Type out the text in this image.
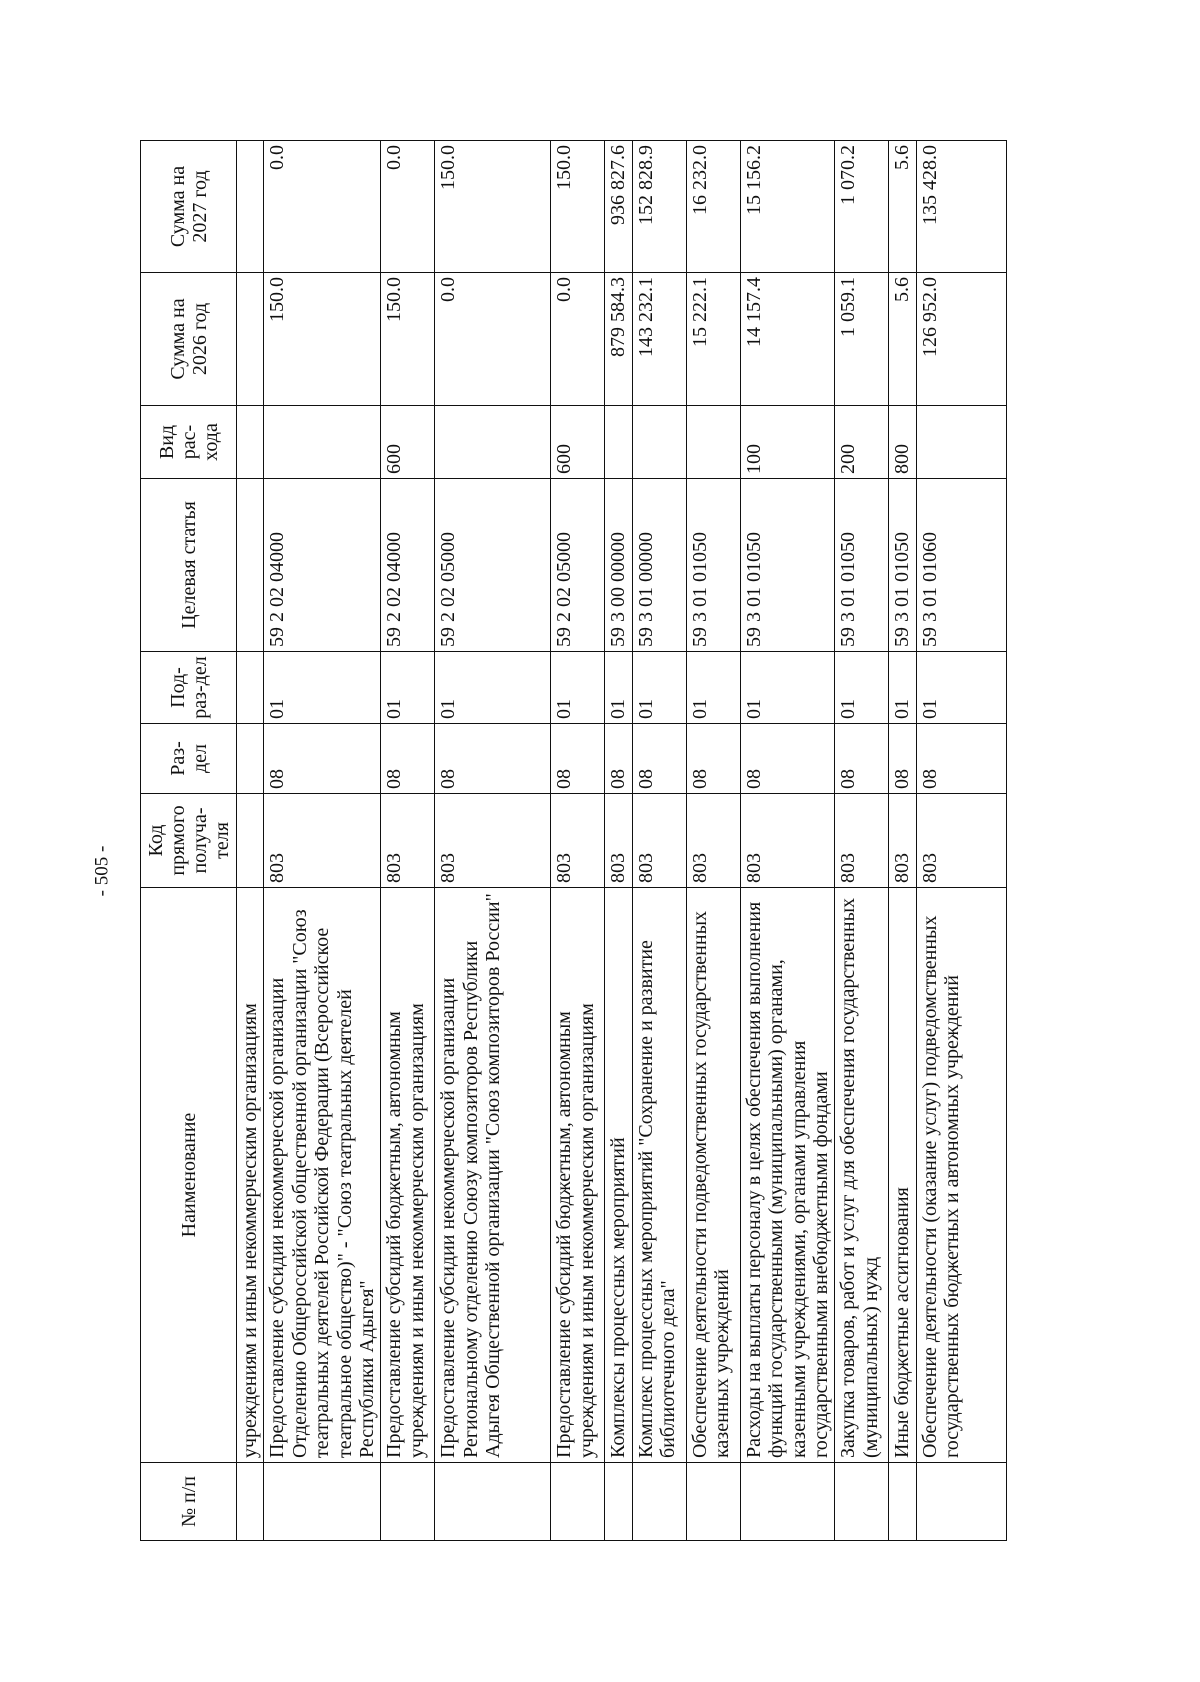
- 505 -
№ п/п	Наименование	Код прямого получа-теля	Раз-дел	Под-раз-дел	Целевая статья	Вид рас-хода	Сумма на 2026 год	Сумма на 2027 год
	учреждениям и иным некоммерческим организациям							
	Предоставление субсидии некоммерческой организации Отделению Общероссийской общественной организации "Союз театральных деятелей Российской Федерации (Всероссийское театральное общество)" - "Союз театральных деятелей Республики Адыгея"	803	08	01	59 2 02 04000		150.0	0.0
	Предоставление субсидий бюджетным, автономным учреждениям и иным некоммерческим организациям	803	08	01	59 2 02 04000	600	150.0	0.0
	Предоставление субсидии некоммерческой организации Региональному отделению Союзу композиторов Республики Адыгея Общественной организации "Союз композиторов России"	803	08	01	59 2 02 05000		0.0	150.0
	Предоставление субсидий бюджетным, автономным учреждениям и иным некоммерческим организациям	803	08	01	59 2 02 05000	600	0.0	150.0
	Комплексы процессных мероприятий	803	08	01	59 3 00 00000		879 584.3	936 827.6
	Комплекс процессных мероприятий "Сохранение и развитие библиотечного дела"	803	08	01	59 3 01 00000		143 232.1	152 828.9
	Обеспечение деятельности подведомственных государственных казенных учреждений	803	08	01	59 3 01 01050		15 222.1	16 232.0
	Расходы на выплаты персоналу в целях обеспечения выполнения функций государственными (муниципальными) органами, казенными учреждениями, органами управления государственными внебюджетными фондами	803	08	01	59 3 01 01050	100	14 157.4	15 156.2
	Закупка товаров, работ и услуг для обеспечения государственных (муниципальных) нужд	803	08	01	59 3 01 01050	200	1 059.1	1 070.2
	Иные бюджетные ассигнования	803	08	01	59 3 01 01050	800	5.6	5.6
	Обеспечение деятельности (оказание услуг) подведомственных государственных бюджетных и автономных учреждений	803	08	01	59 3 01 01060		126 952.0	135 428.0
